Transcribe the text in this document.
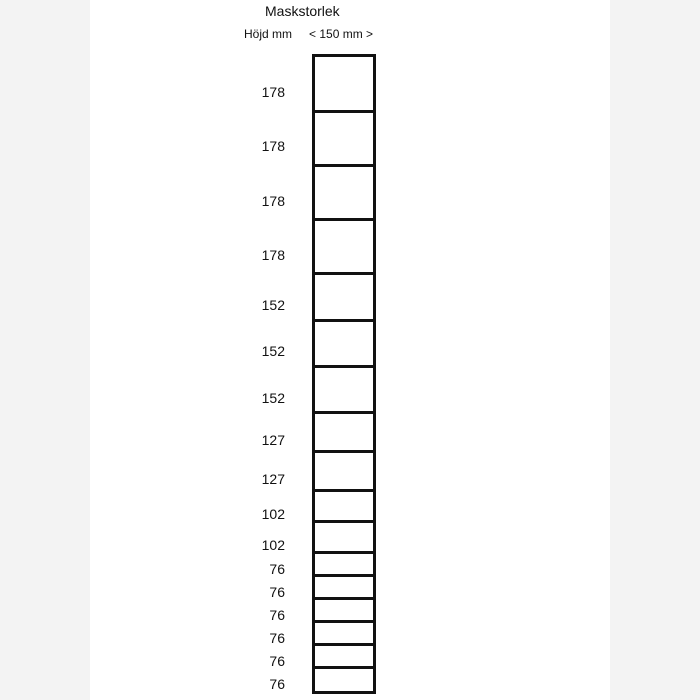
Maskstorlek
Höjd mm < 150 mm >
178
178
178
178
152
152
152
127
127
102
102
76
76
76
76
76
76
